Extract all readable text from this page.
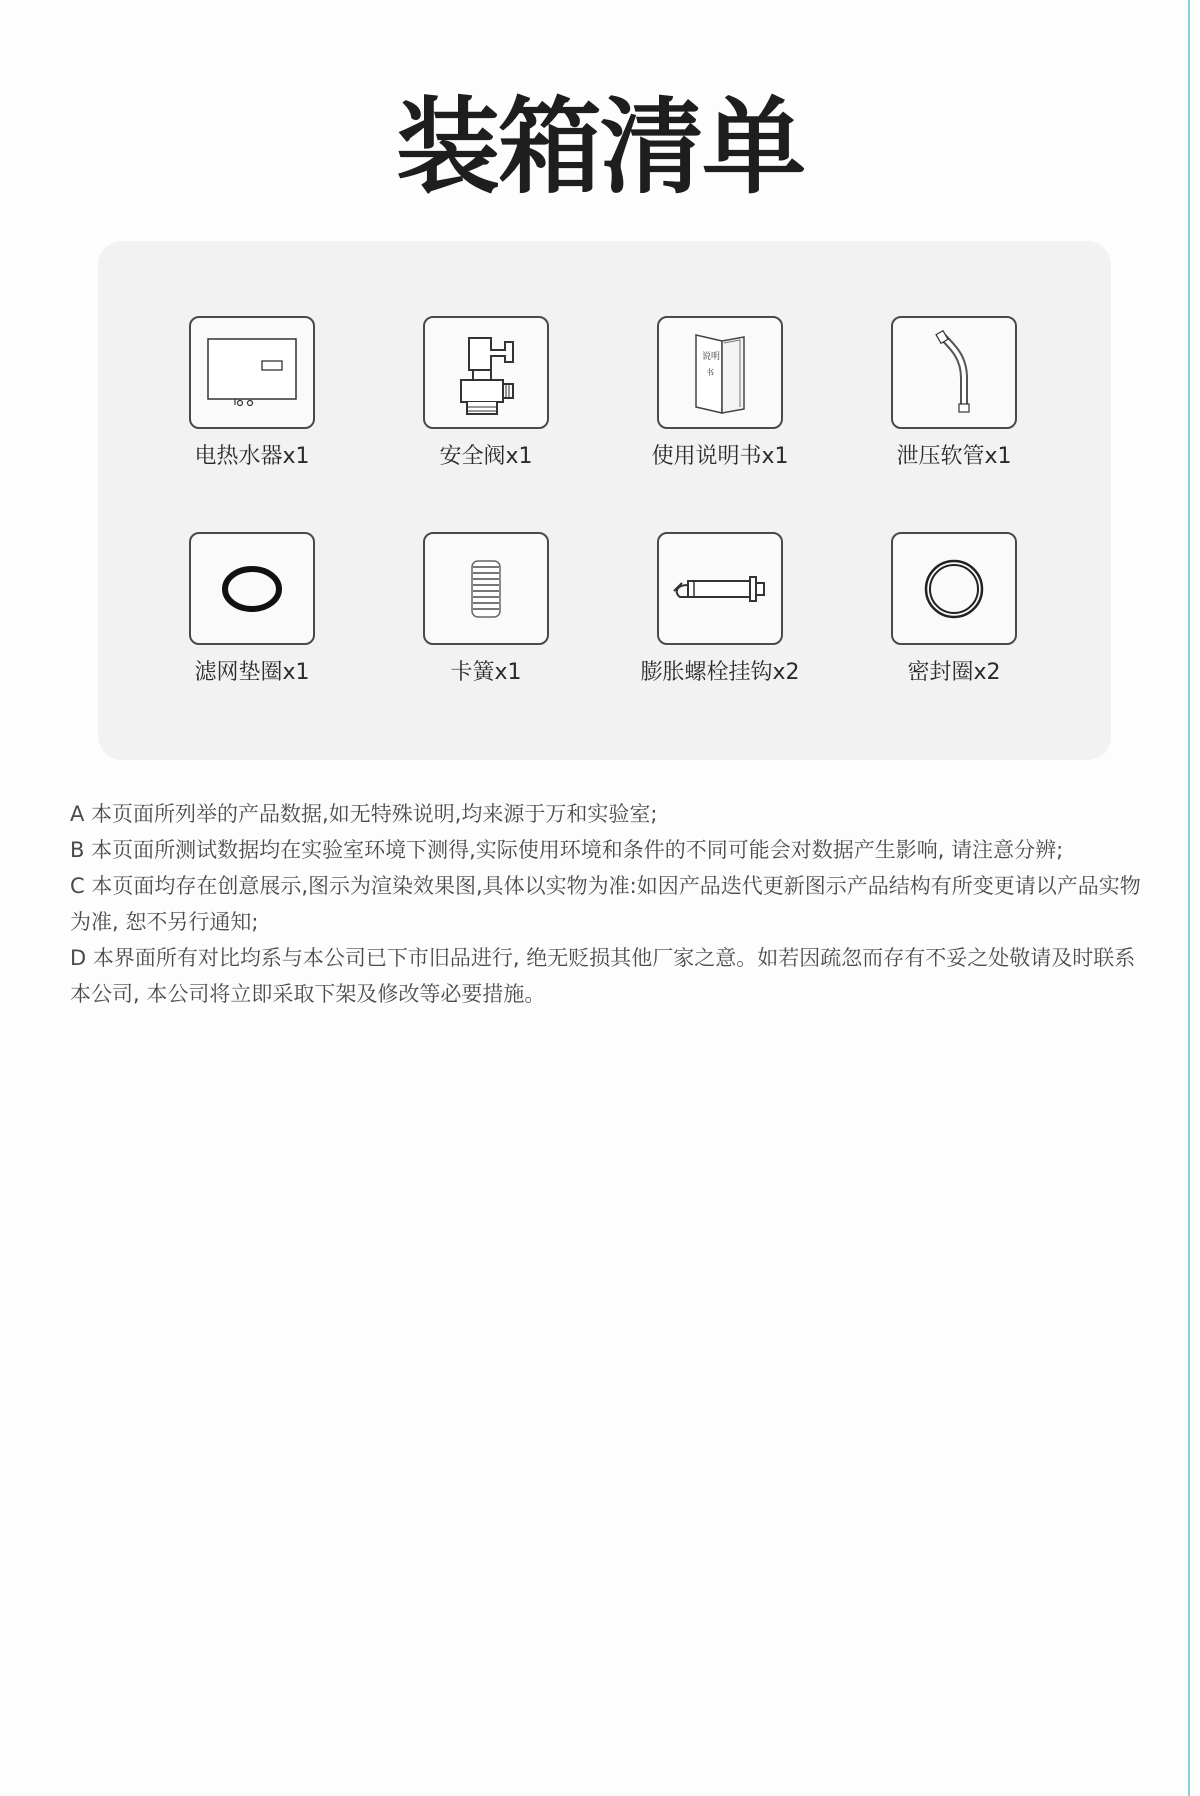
装箱清单
电热水器x1	安全阀x1
说明
书
使用说明书x1	泄压软管x1
滤网垫圈x1	卡簧x1	膨胀螺栓挂钩x2	密封圈x2

A 本页面所列举的产品数据,如无特殊说明,均来源于万和实验室;

B 本页面所测试数据均在实验室环境下测得,实际使用环境和条件的不同可能会对数据产生影响, 请注意分辨;

C 本页面均存在创意展示,图示为渲染效果图,具体以实物为准:如因产品迭代更新图示产品结构有所变更请以产品实物为准, 恕不另行通知;

D 本界面所有对比均系与本公司已下市旧品进行, 绝无贬损其他厂家之意。如若因疏忽而存有不妥之处敬请及时联系本公司, 本公司将立即采取下架及修改等必要措施。
